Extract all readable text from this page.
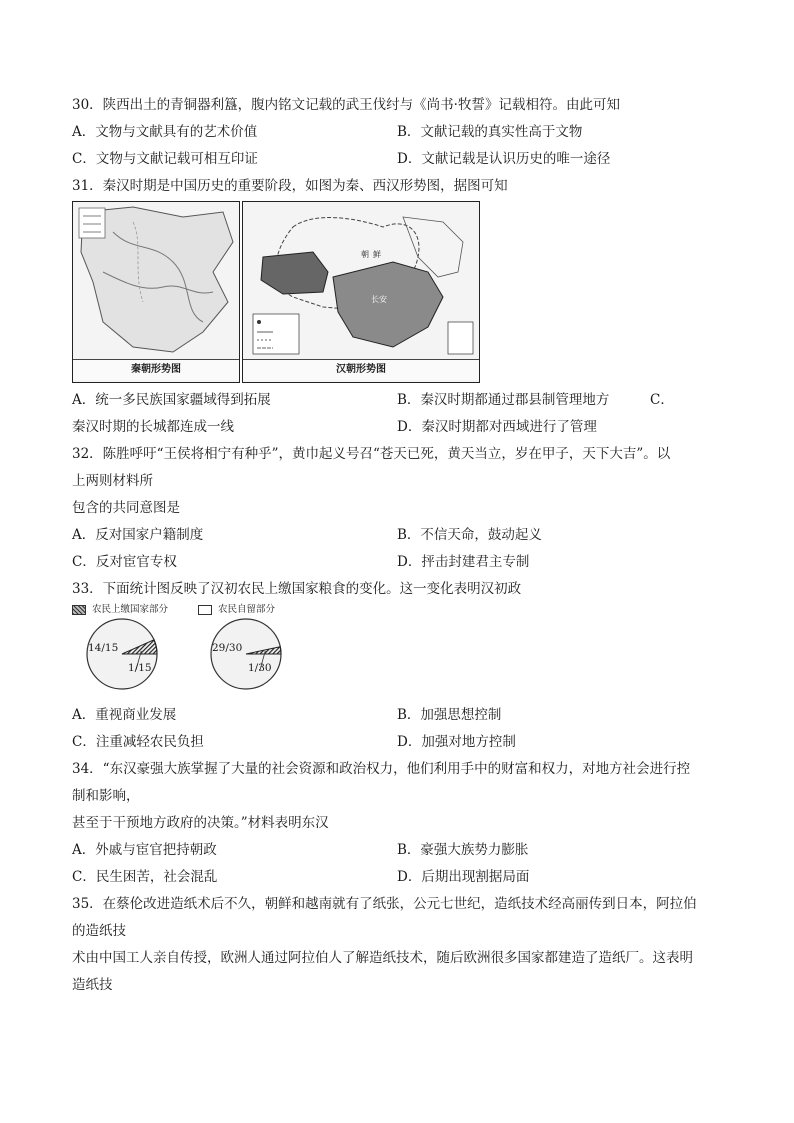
30．陕西出土的青铜器利簋，腹内铭文记载的武王伐纣与《尚书·牧誓》记载相符。由此可知
A．文物与文献具有的艺术价值	B．文献记载的真实性高于文物
C．文物与文献记载可相互印证	D．文献记载是认识历史的唯一途径
31．秦汉时期是中国历史的重要阶段，如图为秦、西汉形势图，据图可知
秦朝形势图
朝 鲜
长安
汉朝形势图
A．统一多民族国家疆域得到拓展	B．秦汉时期都通过郡县制管理地方	C．
秦汉时期的长城都连成一线	D．秦汉时期都对西域进行了管理
32．陈胜呼吁“王侯将相宁有种乎”，黄巾起义号召“苍天已死，黄天当立，岁在甲子，天下大吉”。以
上两则材料所
包含的共同意图是
A．反对国家户籍制度	B．不信天命，鼓动起义
C．反对宦官专权	D．抨击封建君主专制
33．下面统计图反映了汉初农民上缴国家粮食的变化。这一变化表明汉初政
农民上缴国家部分	农民自留部分
14/15
1/15
29/30
1/30
A．重视商业发展	B．加强思想控制
C．注重减轻农民负担	D．加强对地方控制
34．“东汉豪强大族掌握了大量的社会资源和政治权力，他们利用手中的财富和权力，对地方社会进行控
制和影响，
甚至于干预地方政府的决策。”材料表明东汉
A．外戚与宦官把持朝政	B．豪强大族势力膨胀
C．民生困苦，社会混乱	D．后期出现割据局面
35．在蔡伦改进造纸术后不久，朝鲜和越南就有了纸张，公元七世纪，造纸技术经高丽传到日本，阿拉伯
的造纸技
术由中国工人亲自传授，欧洲人通过阿拉伯人了解造纸技术，随后欧洲很多国家都建造了造纸厂。这表明
造纸技
